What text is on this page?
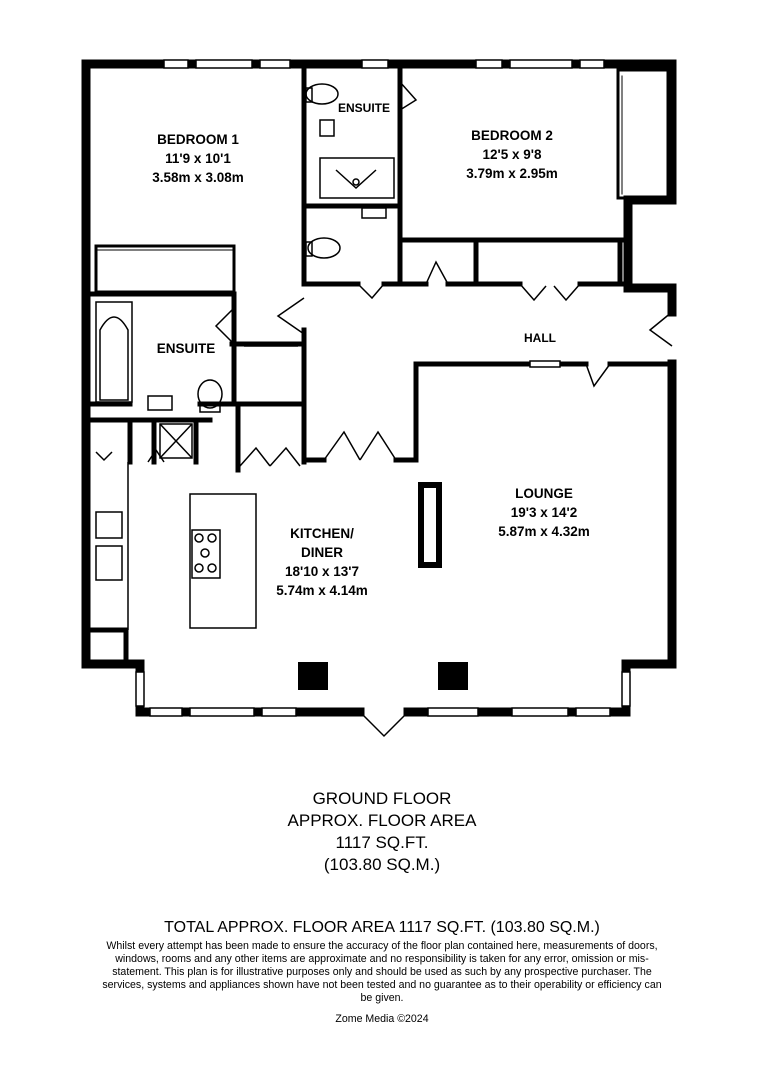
BEDROOM 1
11'9 x 10'1
3.58m x 3.08m
BEDROOM 2
12'5 x 9'8
3.79m x 2.95m
ENSUITE
ENSUITE
HALL
LOUNGE
19'3 x 14'2
5.87m x 4.32m
KITCHEN/
DINER
18'10 x 13'7
5.74m x 4.14m
GROUND FLOOR
APPROX. FLOOR AREA
1117 SQ.FT.
(103.80 SQ.M.)
TOTAL APPROX. FLOOR AREA 1117 SQ.FT. (103.80 SQ.M.)
Whilst every attempt has been made to ensure the accuracy of the floor plan contained here, measurements of doors, windows, rooms and any other items are approximate and no responsibility is taken for any error, omission or mis-statement. This plan is for illustrative purposes only and should be used as such by any prospective purchaser. The services, systems and appliances shown have not been tested and no guarantee as to their operability or efficiency can be given.
Zome Media ©2024
